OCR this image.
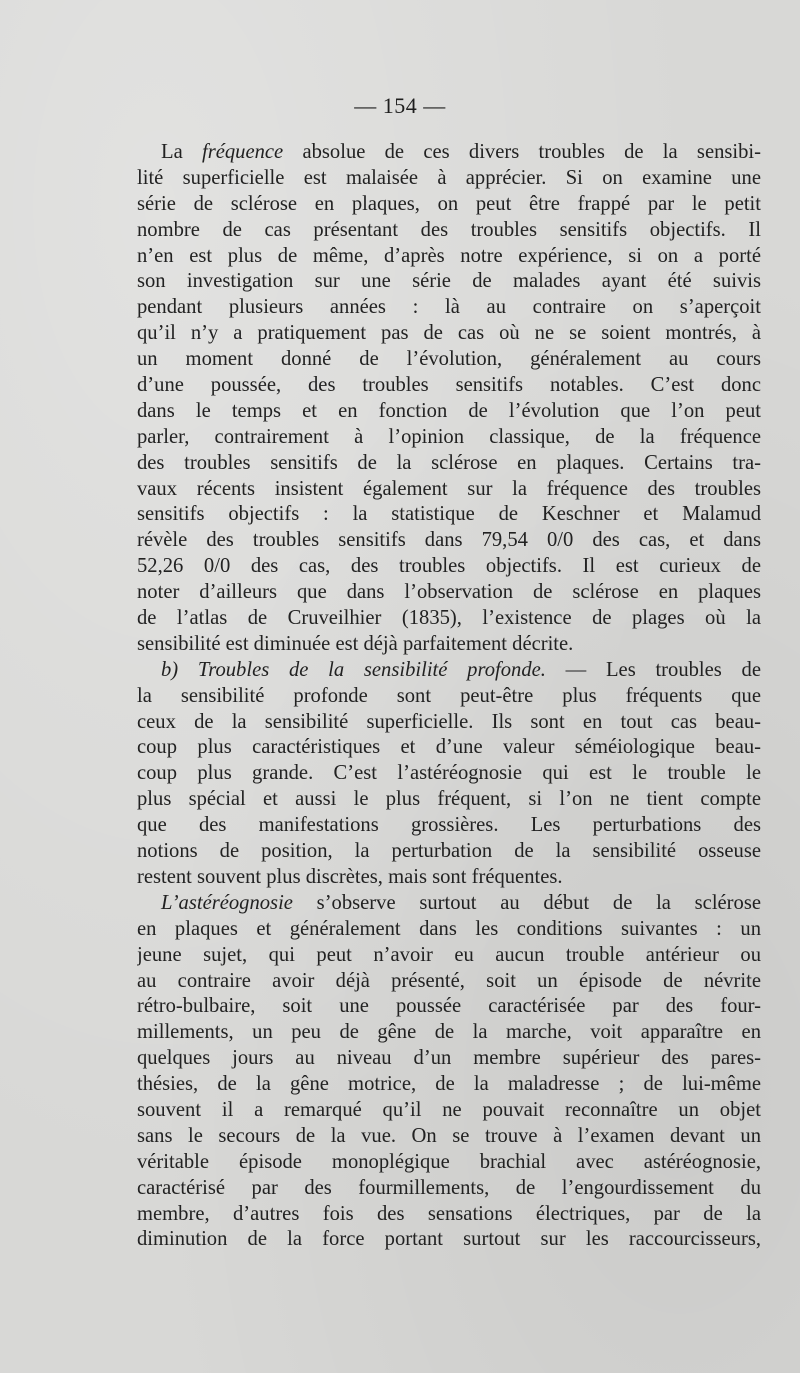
— 154 —
La fréquence absolue de ces divers troubles de la sensibi-
lité superficielle est malaisée à apprécier. Si on examine une
série de sclérose en plaques, on peut être frappé par le petit
nombre de cas présentant des troubles sensitifs objectifs. Il
n’en est plus de même, d’après notre expérience, si on a porté
son investigation sur une série de malades ayant été suivis
pendant plusieurs années : là au contraire on s’aperçoit
qu’il n’y a pratiquement pas de cas où ne se soient montrés, à
un moment donné de l’évolution, généralement au cours
d’une poussée, des troubles sensitifs notables. C’est donc
dans le temps et en fonction de l’évolution que l’on peut
parler, contrairement à l’opinion classique, de la fréquence
des troubles sensitifs de la sclérose en plaques. Certains tra-
vaux récents insistent également sur la fréquence des troubles
sensitifs objectifs : la statistique de Keschner et Malamud
révèle des troubles sensitifs dans 79,54 0/0 des cas, et dans
52,26 0/0 des cas, des troubles objectifs. Il est curieux de
noter d’ailleurs que dans l’observation de sclérose en plaques
de l’atlas de Cruveilhier (1835), l’existence de plages où la
sensibilité est diminuée est déjà parfaitement décrite.
b) Troubles de la sensibilité profonde. — Les troubles de
la sensibilité profonde sont peut-être plus fréquents que
ceux de la sensibilité superficielle. Ils sont en tout cas beau-
coup plus caractéristiques et d’une valeur séméiologique beau-
coup plus grande. C’est l’astéréognosie qui est le trouble le
plus spécial et aussi le plus fréquent, si l’on ne tient compte
que des manifestations grossières. Les perturbations des
notions de position, la perturbation de la sensibilité osseuse
restent souvent plus discrètes, mais sont fréquentes.
L’astéréognosie s’observe surtout au début de la sclérose
en plaques et généralement dans les conditions suivantes : un
jeune sujet, qui peut n’avoir eu aucun trouble antérieur ou
au contraire avoir déjà présenté, soit un épisode de névrite
rétro-bulbaire, soit une poussée caractérisée par des four-
millements, un peu de gêne de la marche, voit apparaître en
quelques jours au niveau d’un membre supérieur des pares-
thésies, de la gêne motrice, de la maladresse ; de lui-même
souvent il a remarqué qu’il ne pouvait reconnaître un objet
sans le secours de la vue. On se trouve à l’examen devant un
véritable épisode monoplégique brachial avec astéréognosie,
caractérisé par des fourmillements, de l’engourdissement du
membre, d’autres fois des sensations électriques, par de la
diminution de la force portant surtout sur les raccourcisseurs,
